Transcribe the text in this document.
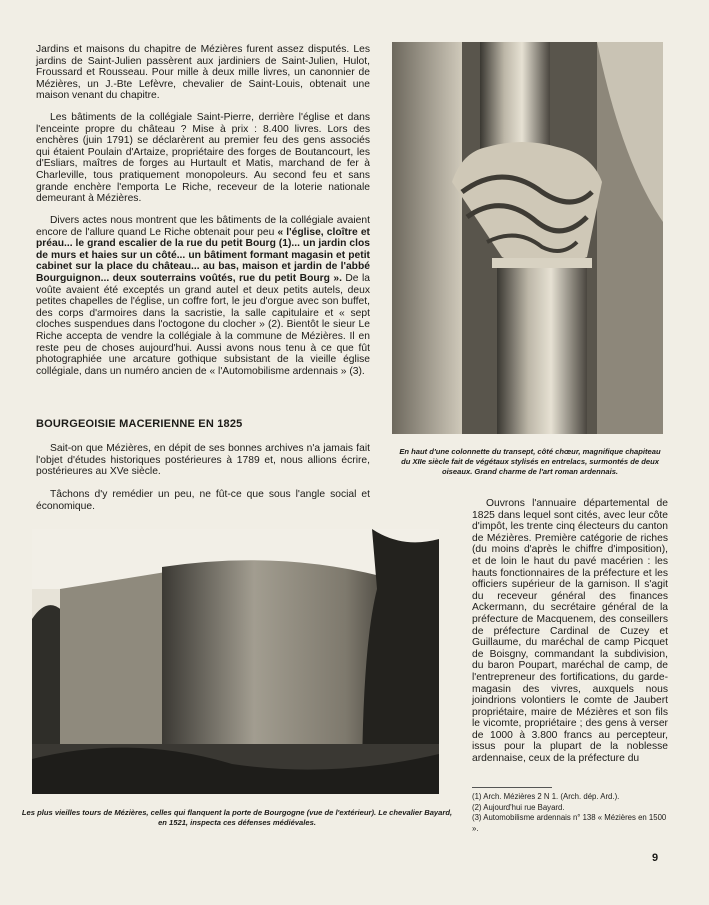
Jardins et maisons du chapitre de Mézières furent assez disputés. Les jardins de Saint-Julien passèrent aux jardiniers de Saint-Julien, Hulot, Froussard et Rousseau. Pour mille à deux mille livres, un canonnier de Mézières, un J.-Bte Lefèvre, chevalier de Saint-Louis, obtenait une maison venant du chapitre.

Les bâtiments de la collégiale Saint-Pierre, derrière l'église et dans l'enceinte propre du château ? Mise à prix : 8.400 livres. Lors des enchères (juin 1791) se déclarèrent au premier feu des gens associés qui étaient Poulain d'Artaize, propriétaire des forges de Boutancourt, les d'Esliars, maîtres de forges au Hurtault et Matis, marchand de fer à Charleville, tous pratiquement monopoleurs. Au second feu et sans grande enchère l'emporta Le Riche, receveur de la loterie nationale demeurant à Mézières.

Divers actes nous montrent que les bâtiments de la collégiale avaient encore de l'allure quand Le Riche obtenait pour peu « l'église, cloître et préau... le grand escalier de la rue du petit Bourg (1)... un jardin clos de murs et haies sur un côté... un bâtiment formant magasin et petit cabinet sur la place du château... au bas, maison et jardin de l'abbé Bourguignon... deux souterrains voûtés, rue du petit Bourg ». De la voûte avaient été exceptés un grand autel et deux petits autels, deux petites chapelles de l'église, un coffre fort, le jeu d'orgue avec son buffet, des corps d'armoires dans la sacristie, la salle capitulaire et « sept cloches suspendues dans l'octogone du clocher » (2). Bientôt le sieur Le Riche accepta de vendre la collégiale à la commune de Mézières. Il en reste peu de choses aujourd'hui. Aussi avons nous tenu à ce que fût photographiée une arcature gothique subsistant de la vieille église collégiale, dans un numéro ancien de « l'Automobilisme ardennais » (3).

BOURGEOISIE MACERIENNE EN 1825

Sait-on que Mézières, en dépit de ses bonnes archives n'a jamais fait l'objet d'études historiques postérieures à 1789 et, nous allions écrire, postérieures au XVe siècle.

Tâchons d'y remédier un peu, ne fût-ce que sous l'angle social et économique.

En haut d'une colonnette du transept, côté chœur, magnifique chapiteau du XIIe siècle fait de végétaux stylisés en entrelacs, surmontés de deux oiseaux. Grand charme de l'art roman ardennais.

Ouvrons l'annuaire départemental de 1825 dans lequel sont cités, avec leur côte d'impôt, les trente cinq électeurs du canton de Mézières. Première catégorie de riches (du moins d'après le chiffre d'imposition), et de loin le haut du pavé macérien : les hauts fonctionnaires de la préfecture et les officiers supérieur de la garnison. Il s'agit du receveur général des finances Ackermann, du secrétaire général de la préfecture de Macquenem, des conseillers de préfecture Cardinal de Cuzey et Guillaume, du maréchal de camp Picquet de Boisgny, commandant la subdivision, du baron Poupart, maréchal de camp, de l'entrepreneur des fortifications, du garde-magasin des vivres, auxquels nous joindrions volontiers le comte de Jaubert propriétaire, maire de Mézières et son fils le vicomte, propriétaire ; des gens à verser de 1000 à 3.800 francs au percepteur, issus pour la plupart de la noblesse ardennaise, ceux de la préfecture du

Les plus vieilles tours de Mézières, celles qui flanquent la porte de Bourgogne (vue de l'extérieur). Le chevalier Bayard, en 1521, inspecta ces défenses médiévales.

(1) Arch. Mézières 2 N 1. (Arch. dép. Ard.).
(2) Aujourd'hui rue Bayard.
(3) Automobilisme ardennais n° 138 « Mézières en 1500 ».
9
